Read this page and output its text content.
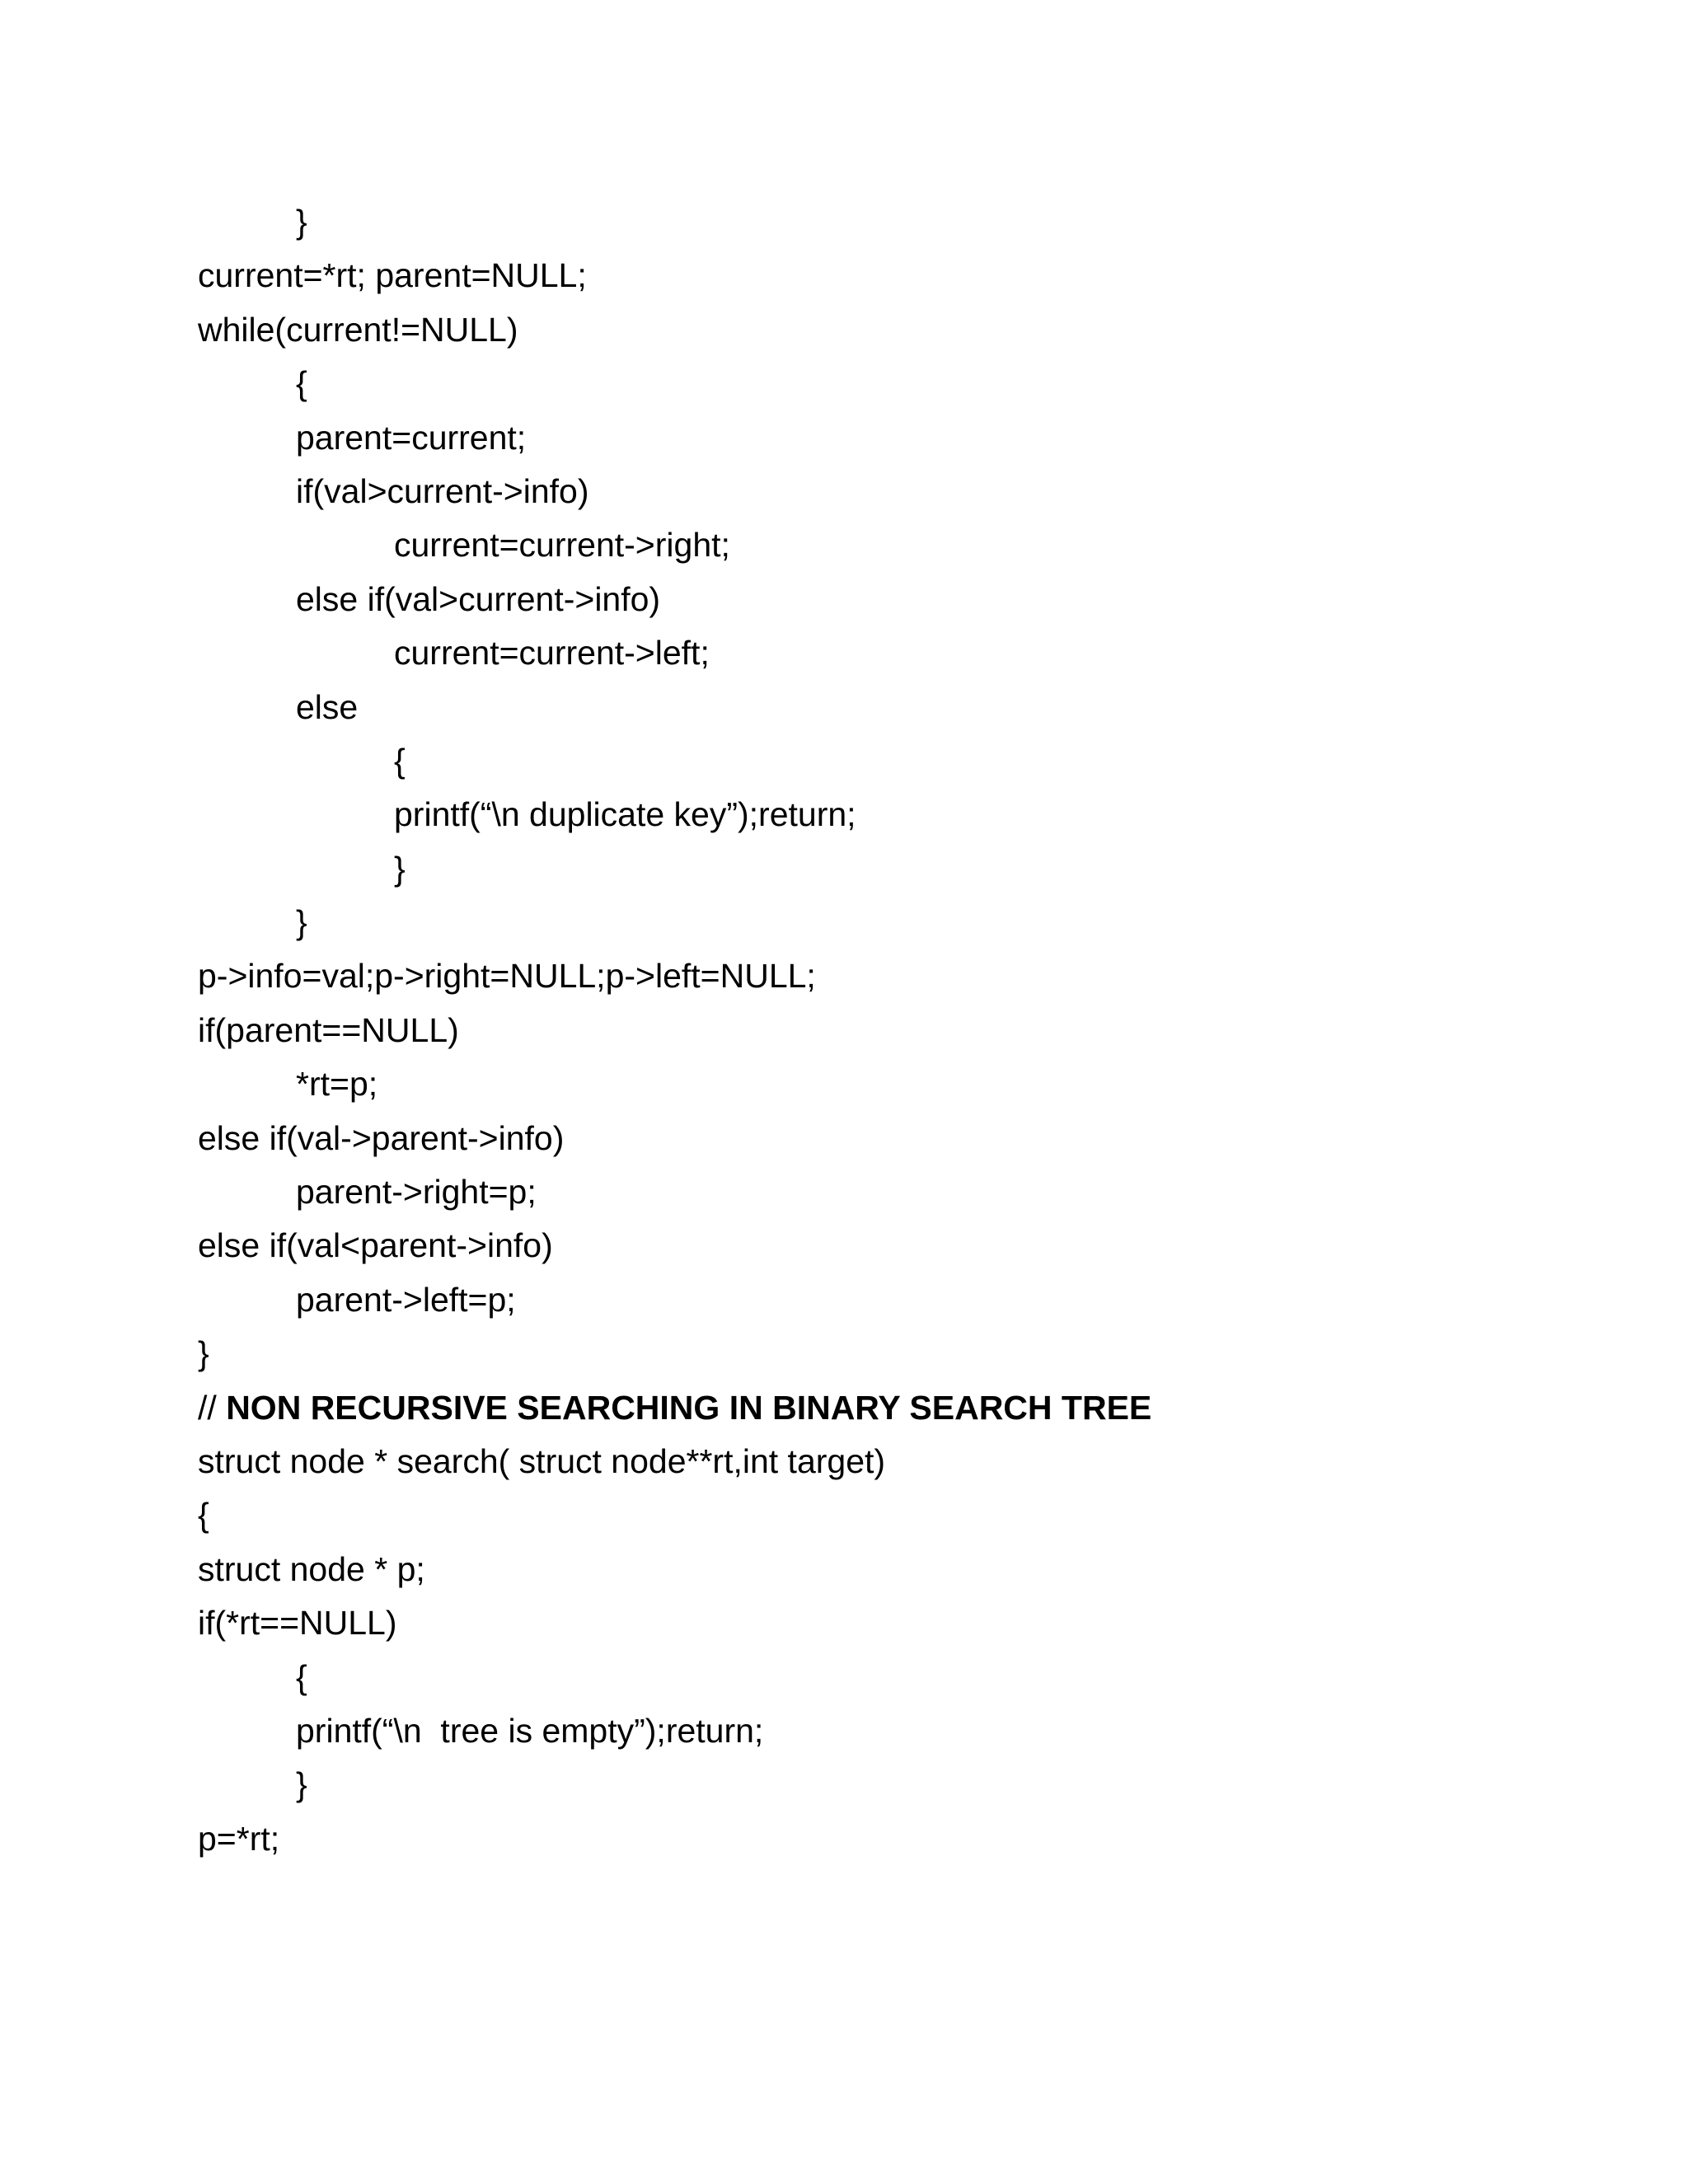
}
current=*rt; parent=NULL;
while(current!=NULL)
{
parent=current;
if(val>current->info)
current=current->right;
else if(val>current->info)
current=current->left;
else
{
printf(“\n duplicate key”);return;
}
}
p->info=val;p->right=NULL;p->left=NULL;
if(parent==NULL)
*rt=p;
else if(val->parent->info)
parent->right=p;
else if(val<parent->info)
parent->left=p;
}
// NON RECURSIVE SEARCHING IN BINARY SEARCH TREE
struct node * search( struct node**rt,int target)
{
struct node * p;
if(*rt==NULL)
{
printf(“\n  tree is empty”);return;
}
p=*rt;
